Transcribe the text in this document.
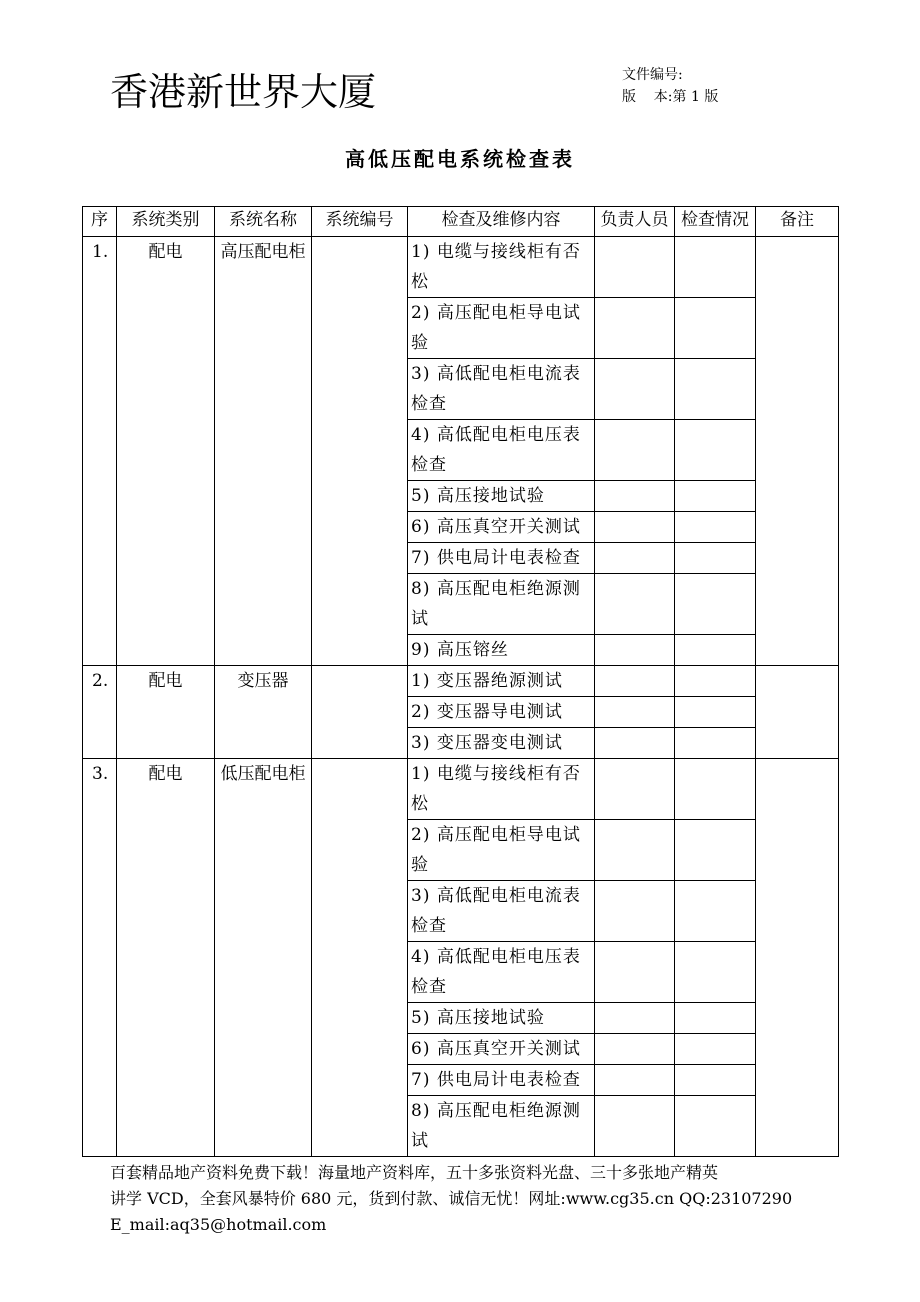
香港新世界大厦	文件编号:
版    本:第 1 版
高低压配电系统检查表
序	系统类别	系统名称	系统编号	检查及维修内容	负责人员	检查情况	备注
1.	配电	高压配电柜		1) 电缆与接线柜有否松			
				2) 高压配电柜导电试验			
				3) 高低配电柜电流表检查			
				4) 高低配电柜电压表检查			
				5) 高压接地试验			
				6) 高压真空开关测试			
				7) 供电局计电表检查			
				8) 高压配电柜绝源测试			
				9) 高压镕丝			
2.	配电	变压器		1) 变压器绝源测试			
				2) 变压器导电测试			
				3) 变压器变电测试			
3.	配电	低压配电柜		1) 电缆与接线柜有否松			
				2) 高压配电柜导电试验			
				3) 高低配电柜电流表检查			
				4) 高低配电柜电压表检查			
				5) 高压接地试验			
				6) 高压真空开关测试			
				7) 供电局计电表检查			
				8) 高压配电柜绝源测试			
百套精品地产资料免费下载！海量地产资料库，五十多张资料光盘、三十多张地产精英
讲学 VCD，全套风暴特价 680 元，货到付款、诚信无忧！网址:www.cg35.cn QQ:23107290
E_mail:aq35@hotmail.com
